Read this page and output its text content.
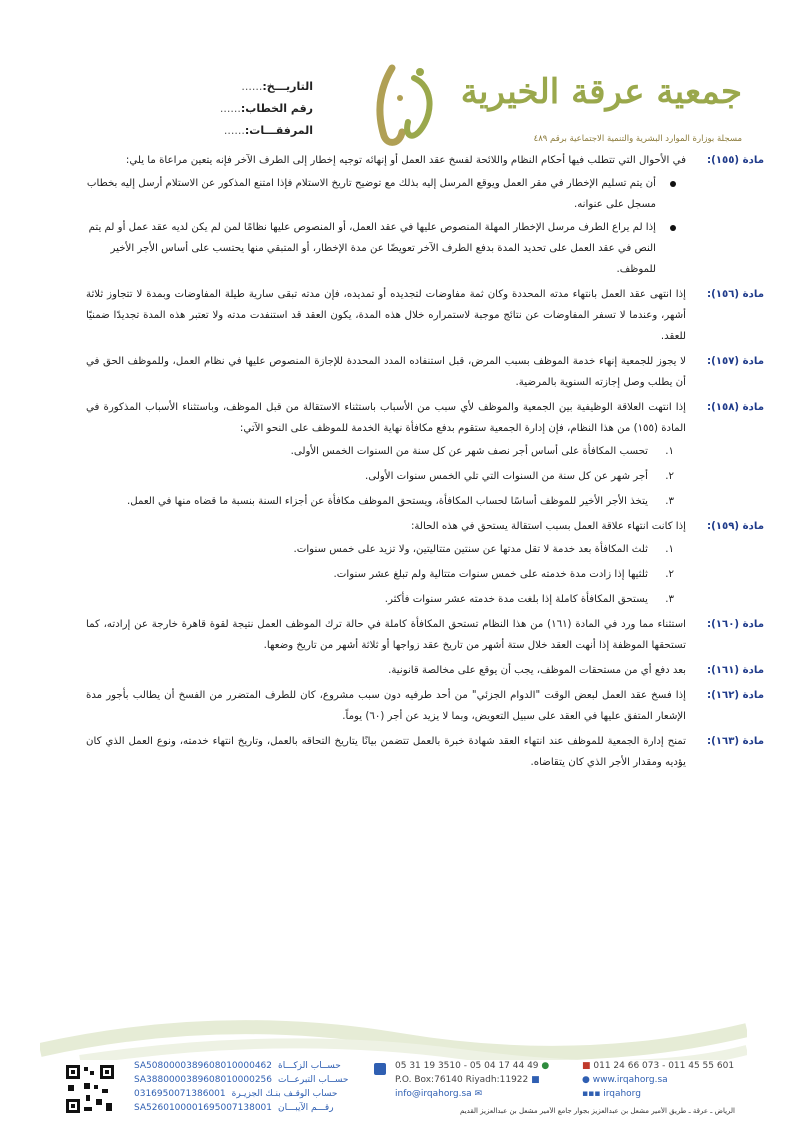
التاريـــخ:......
رقم الخطاب:......
المرفقـــات:......
جمعية عرقة الخيرية
مسجلة بوزارة الموارد البشرية والتنمية الاجتماعية برقم ٤٨٩
مادة (١٥٥):

في الأحوال التي تتطلب فيها أحكام النظام واللائحة لفسخ عقد العمل أو إنهائه توجيه إخطار إلى الطرف الآخر فإنه يتعين مراعاة ما يلي:

أن يتم تسليم الإخطار في مقر العمل ويوقع المرسل إليه بذلك مع توضيح تاريخ الاستلام فإذا امتنع المذكور عن الاستلام أرسل إليه بخطاب مسجل على عنوانه.
إذا لم يراع الطرف مرسل الإخطار المهلة المنصوص عليها في عقد العمل، أو المنصوص عليها نظامًا لمن لم يكن لديه عقد عمل أو لم يتم النص في عقد العمل على تحديد المدة بدفع الطرف الآخر تعويضًا عن مدة الإخطار، أو المتبقي منها يحتسب على أساس الأجر الأخير للموظف.
مادة (١٥٦):

إذا انتهى عقد العمل بانتهاء مدته المحددة وكان ثمة مفاوضات لتجديده أو تمديده، فإن مدته تبقى سارية طيلة المفاوضات وبمدة لا تتجاوز ثلاثة أشهر، وعندما لا تسفر المفاوضات عن نتائج موجبة لاستمراره خلال هذه المدة، يكون العقد قد استنفدت مدته ولا تعتبر هذه المدة تجديدًا ضمنيًا للعقد.

مادة (١٥٧):

لا يجوز للجمعية إنهاء خدمة الموظف بسبب المرض، قبل استنفاده المدد المحددة للإجازة المنصوص عليها في نظام العمل، وللموظف الحق في أن يطلب وصل إجازته السنوية بالمرضية.

مادة (١٥٨):

إذا انتهت العلاقة الوظيفية بين الجمعية والموظف لأي سبب من الأسباب باستثناء الاستقالة من قبل الموظف، وباستثناء الأسباب المذكورة في المادة (١٥٥) من هذا النظام، فإن إدارة الجمعية ستقوم بدفع مكافأة نهاية الخدمة للموظف على النحو الآتي:

١.
تحسب المكافأة على أساس أجر نصف شهر عن كل سنة من السنوات الخمس الأولى.
٢.
أجر شهر عن كل سنة من السنوات التي تلي الخمس سنوات الأولى.
٣.
يتخذ الأجر الأخير للموظف أساسًا لحساب المكافأة، ويستحق الموظف مكافأة عن أجزاء السنة بنسبة ما قضاه منها في العمل.
مادة (١٥٩):

إذا كانت انتهاء علاقة العمل بسبب استقالة يستحق في هذه الحالة:

١.
ثلث المكافأة بعد خدمة لا تقل مدتها عن سنتين متتاليتين، ولا تزيد على خمس سنوات.
٢.
ثلثيها إذا زادت مدة خدمته على خمس سنوات متتالية ولم تبلغ عشر سنوات.
٣.
يستحق المكافأة كاملة إذا بلغت مدة خدمته عشر سنوات فأكثر.
مادة (١٦٠):

استثناء مما ورد في المادة (١٦١) من هذا النظام تستحق المكافأة كاملة في حالة ترك الموظف العمل نتيجة لقوة قاهرة خارجة عن إرادته، كما تستحقها الموظفة إذا أنهت العقد خلال ستة أشهر من تاريخ عقد زواجها أو ثلاثة أشهر من تاريخ وضعها.

مادة (١٦١):

بعد دفع أي من مستحقات الموظف، يجب أن يوقع على مخالصة قانونية.

مادة (١٦٢):

إذا فسخ عقد العمل لبعض الوقت "الدوام الجزئي" من أحد طرفيه دون سبب مشروع، كان للطرف المتضرر من الفسخ أن يطالب بأجور مدة الإشعار المتفق عليها في العقد على سبيل التعويض، وبما لا يزيد عن أجر (٦٠) يوماً.

مادة (١٦٣):

تمنح إدارة الجمعية للموظف عند انتهاء العقد شهادة خبرة بالعمل تتضمن بيانًا يتاريخ التحاقه بالعمل، وتاريخ انتهاء خدمته، ونوع العمل الذي كان يؤديه ومقدار الأجر الذي كان يتقاضاه.

SA5080000389608010000462 حســاب الزكـــاة
SA3880000389608010000256 حســاب التبرعــات
0316950071386001 حساب الوقـف بنـك الجزيـرة
SA5260100001695007138001 رقـــم الآيبـــان
05 31 19 3510 - 05 04 17 44 49 ●
P.O. Box:76140 Riyadh:11922 ■
info@irqahorg.sa ✉
■ 011 24 66 073 - 011 45 55 601
● www.irqahorg.sa
▪▪▪ irqahorg
الرياض ـ عرقة ـ طريق الأمير مشعل بن عبدالعزيز بجوار جامع الأمير مشعل بن عبدالعزيز القديم
